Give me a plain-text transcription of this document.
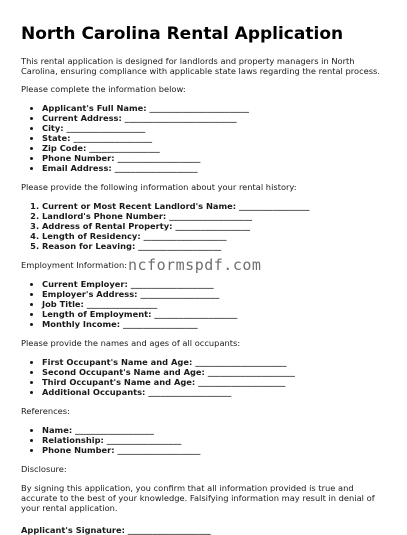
North Carolina Rental Application

This rental application is designed for landlords and property managers in North Carolina, ensuring compliance with applicable state laws regarding the rental process.

Please complete the information below:

• Applicant's Full Name: ________________________
• Current Address: ___________________________
• City: ___________________
• State: ___________________
• Zip Code: _________________
• Phone Number: ____________________
• Email Address: ____________________

Please provide the following information about your rental history:

1. Current or Most Recent Landlord's Name: _________________
2. Landlord's Phone Number: ____________________
3. Address of Rental Property: __________________
4. Length of Residency: ____________________
5. Reason for Leaving: ____________________

Employment Information:

• Current Employer: ____________________
• Employer's Address: ___________________
• Job Title: _________________
• Length of Employment: ____________________
• Monthly Income: __________________

Please provide the names and ages of all occupants:

• First Occupant's Name and Age: ______________________
• Second Occupant's Name and Age: _____________________
• Third Occupant's Name and Age: _____________________
• Additional Occupants: ____________________

References:

• Name: ___________________
• Relationship: __________________
• Phone Number: ____________________

Disclosure:

By signing this application, you confirm that all information provided is true and accurate to the best of your knowledge. Falsifying information may result in denial of your rental application.

Applicant's Signature: ____________________

ncformspdf.com
